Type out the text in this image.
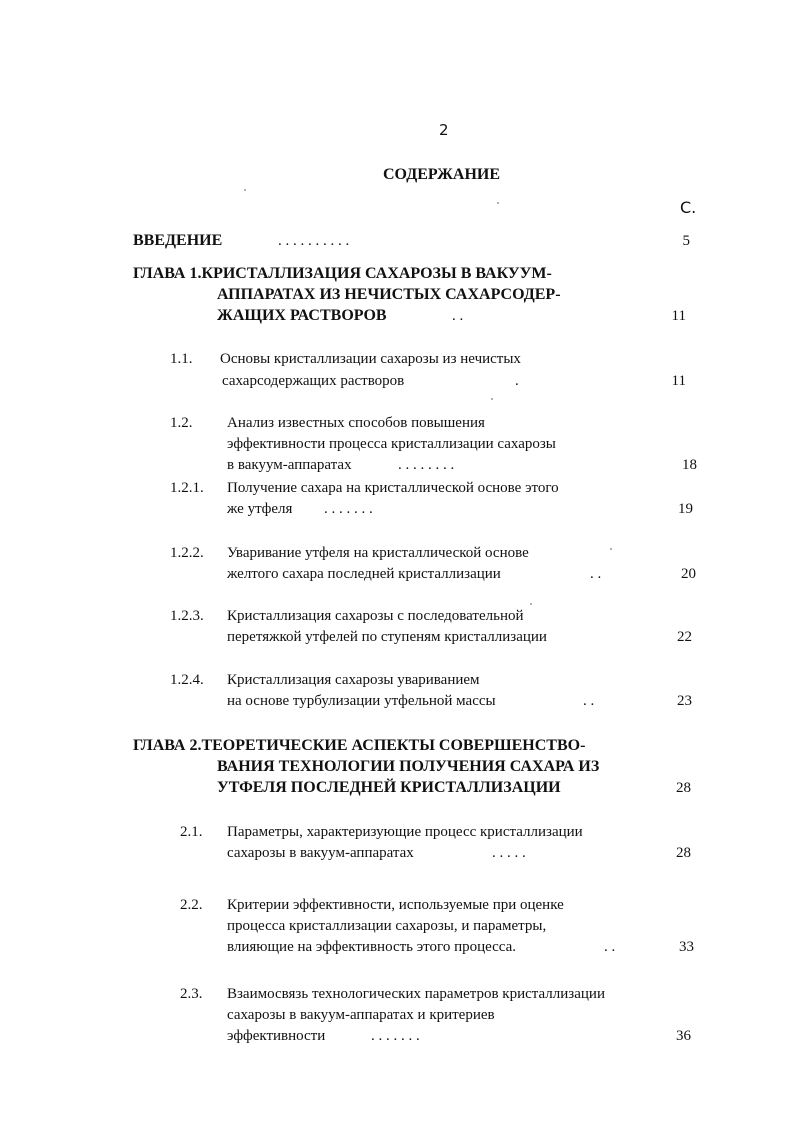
2
СОДЕРЖАНИЕ
С.
ВВЕДЕНИЕ	. . . . . . . . . .	5
ГЛАВА 1.КРИСТАЛЛИЗАЦИЯ САХАРОЗЫ В ВАКУУМ-
АППАРАТАХ ИЗ НЕЧИСТЫХ САХАРСОДЕР-
ЖАЩИХ РАСТВОРОВ	. .	11
1.1. Основы кристаллизации сахарозы из нечистых
сахарсодержащих растворов	.	11
1.2. Анализ известных способов повышения
эффективности процесса кристаллизации сахарозы
в вакуум-аппаратах	. . . . . . . .	18
1.2.1. Получение сахара на кристаллической основе этого
же утфеля . . . . . . .	19
1.2.2. Уваривание утфеля на кристаллической основе
желтого сахара последней кристаллизации	. .	20
1.2.3. Кристаллизация сахарозы с последовательной
перетяжкой утфелей по ступеням кристаллизации	22
1.2.4. Кристаллизация сахарозы увариванием
на основе турбулизации утфельной массы	. .	23
ГЛАВА 2.ТЕОРЕТИЧЕСКИЕ АСПЕКТЫ СОВЕРШЕНСТВО-
ВАНИЯ ТЕХНОЛОГИИ ПОЛУЧЕНИЯ САХАРА ИЗ
УТФЕЛЯ ПОСЛЕДНЕЙ КРИСТАЛЛИЗАЦИИ	28
2.1. Параметры, характеризующие процесс кристаллизации
сахарозы в вакуум-аппаратах	. . . . .	28
2.2. Критерии эффективности, используемые при оценке
процесса кристаллизации сахарозы, и параметры,
влияющие на эффективность этого процесса.	. .	33
2.3. Взаимосвязь технологических параметров кристаллизации
сахарозы в вакуум-аппаратах и критериев
эффективности	. . . . . . .	36
